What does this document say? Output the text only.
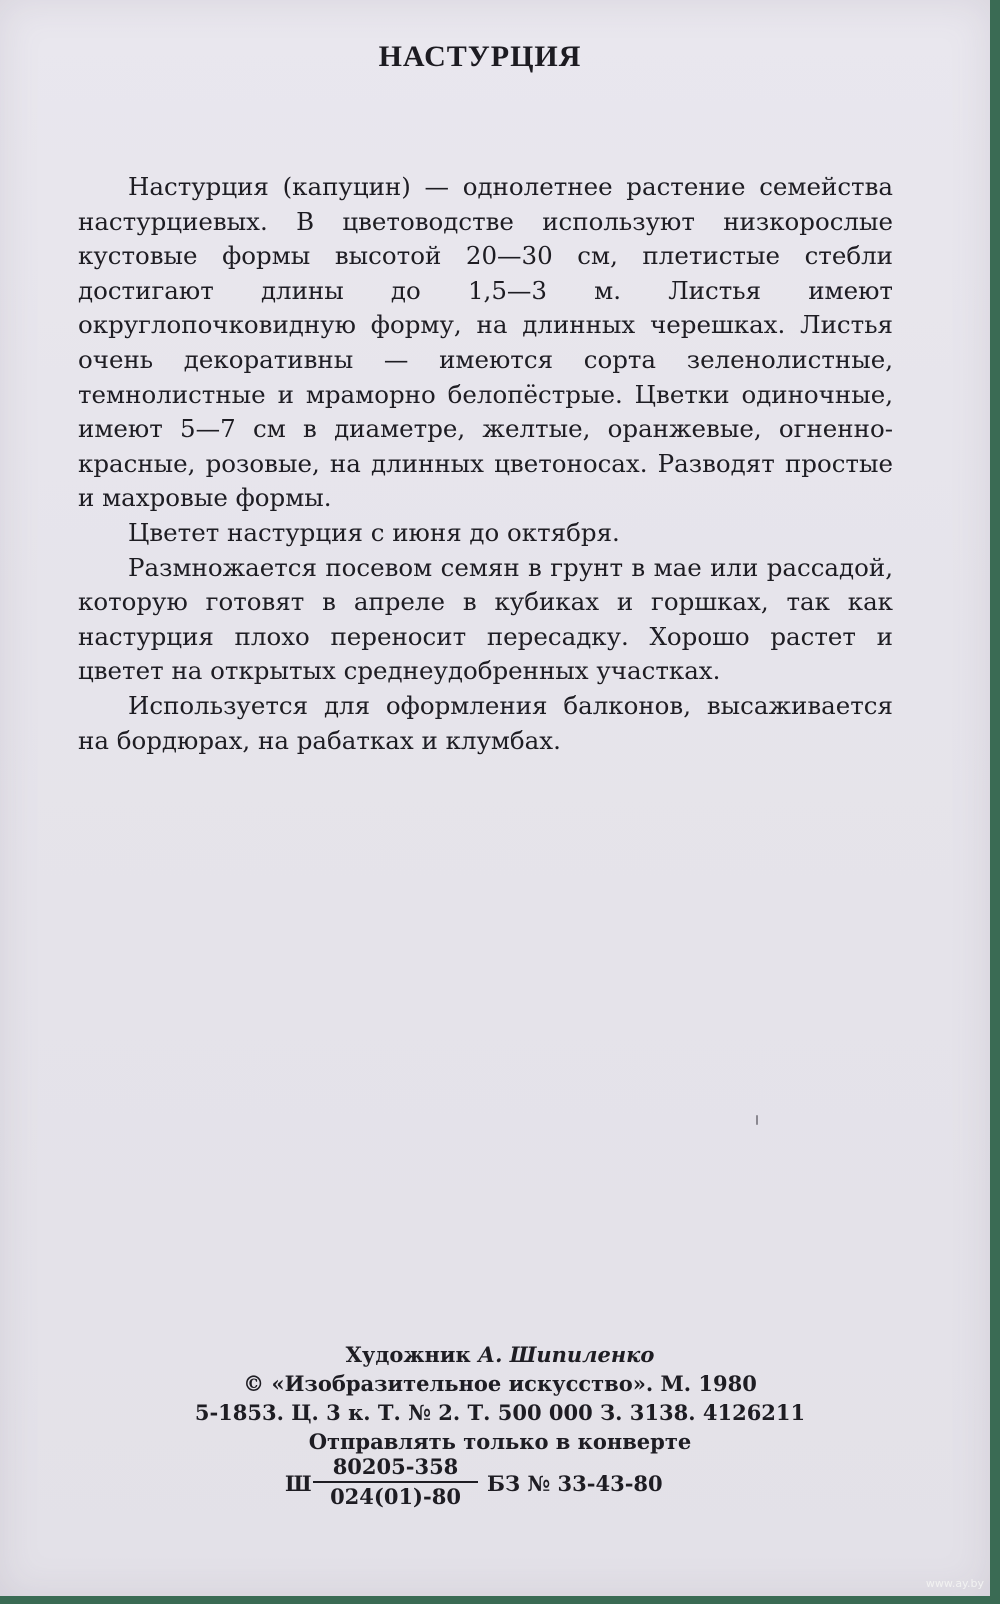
НАСТУРЦИЯ

Настурция (капуцин) — однолетнее растение семейства настурциевых. В цветоводстве используют низкорослые кустовые формы высотой 20—30 см, плетистые стебли достигают длины до 1,5—3 м. Листья имеют округлопочковидную форму, на длинных черешках. Листья очень декоративны — имеются сорта зеленолистные, темнолистные и мраморно белопёстрые. Цветки одиночные, имеют 5—7 см в диаметре, желтые, оранжевые, огненно-красные, розовые, на длинных цветоносах. Разводят простые и махровые формы.

Цветет настурция с июня до октября.

Размножается посевом семян в грунт в мае или рассадой, которую готовят в апреле в кубиках и горшках, так как настурция плохо переносит пересадку. Хорошо растет и цветет на открытых среднеудобренных участках.

Используется для оформления балконов, высаживается на бордюрах, на рабатках и клумбах.

Художник А. Шипиленко
© «Изобразительное искусство». М. 1980
5-1853. Ц. 3 к. Т. № 2. Т. 500 000 З. 3138. 4126211
Отправлять только в конверте
Ш $\frac{80205-358}{024(01)-80}$ БЗ № 33-43-80
www.ay.by
